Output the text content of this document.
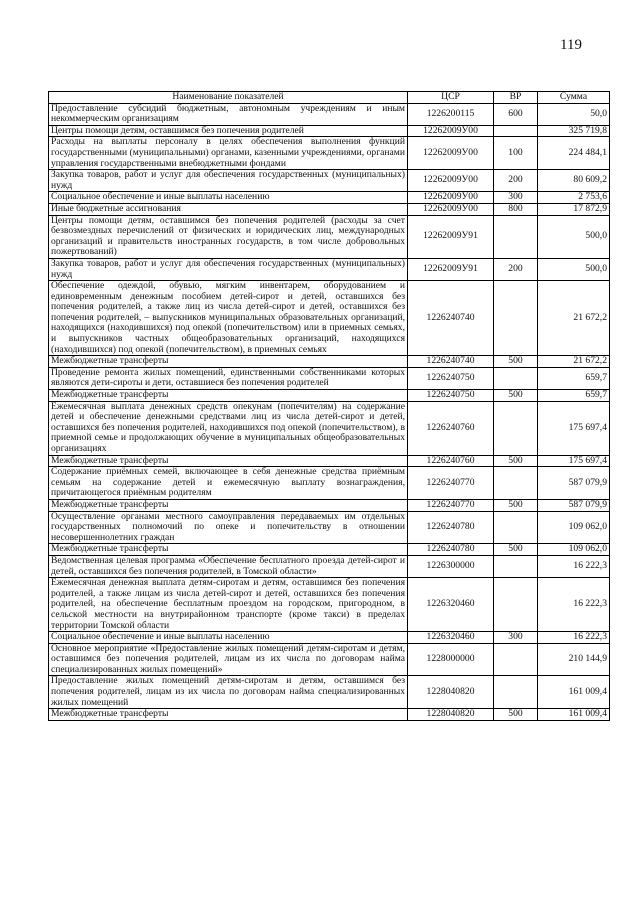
119
Наименование показателей	ЦСР	ВР	Сумма
Предоставление субсидий бюджетным, автономным учреждениям и иным некоммерческим организациям	1226200115	600	50,0
Центры помощи детям, оставшимся без попечения родителей	12262009У00		325 719,8
Расходы на выплаты персоналу в целях обеспечения выполнения функций государственными (муниципальными) органами, казенными учреждениями, органами управления государственными внебюджетными фондами	12262009У00	100	224 484,1
Закупка товаров, работ и услуг для обеспечения государственных (муниципальных) нужд	12262009У00	200	80 609,2
Социальное обеспечение и иные выплаты населению	12262009У00	300	2 753,6
Иные бюджетные ассигнования	12262009У00	800	17 872,9
Центры помощи детям, оставшимся без попечения родителей (расходы за счет безвозмездных перечислений от физических и юридических лиц, международных организаций и правительств иностранных государств, в том числе добровольных пожертвований)	12262009У91		500,0
Закупка товаров, работ и услуг для обеспечения государственных (муниципальных) нужд	12262009У91	200	500,0
Обеспечение одеждой, обувью, мягким инвентарем, оборудованием и единовременным денежным пособием детей-сирот и детей, оставшихся без попечения родителей, а также лиц из числа детей-сирот и детей, оставшихся без попечения родителей, – выпускников муниципальных образовательных организаций, находящихся (находившихся) под опекой (попечительством) или в приемных семьях, и выпускников частных общеобразовательных организаций, находящихся (находившихся) под опекой (попечительством), в приемных семьях	1226240740		21 672,2
Межбюджетные трансферты	1226240740	500	21 672,2
Проведение ремонта жилых помещений, единственными собственниками которых являются дети-сироты и дети, оставшиеся без попечения родителей	1226240750		659,7
Межбюджетные трансферты	1226240750	500	659,7
Ежемесячная выплата денежных средств опекунам (попечителям) на содержание детей и обеспечение денежными средствами лиц из числа детей-сирот и детей, оставшихся без попечения родителей, находившихся под опекой (попечительством), в приемной семье и продолжающих обучение в муниципальных общеобразовательных организациях	1226240760		175 697,4
Межбюджетные трансферты	1226240760	500	175 697,4
Содержание приёмных семей, включающее в себя денежные средства приёмным семьям на содержание детей и ежемесячную выплату вознаграждения, причитающегося приёмным родителям	1226240770		587 079,9
Межбюджетные трансферты	1226240770	500	587 079,9
Осуществление органами местного самоуправления передаваемых им отдельных государственных полномочий по опеке и попечительству в отношении несовершеннолетних граждан	1226240780		109 062,0
Межбюджетные трансферты	1226240780	500	109 062,0
Ведомственная целевая программа «Обеспечение бесплатного проезда детей-сирот и детей, оставшихся без попечения родителей, в Томской области»	1226300000		16 222,3
Ежемесячная денежная выплата детям-сиротам и детям, оставшимся без попечения родителей, а также лицам из числа детей-сирот и детей, оставшихся без попечения родителей, на обеспечение бесплатным проездом на городском, пригородном, в сельской местности на внутрирайонном транспорте (кроме такси) в пределах территории Томской области	1226320460		16 222,3
Социальное обеспечение и иные выплаты населению	1226320460	300	16 222,3
Основное мероприятие «Предоставление жилых помещений детям-сиротам и детям, оставшимся без попечения родителей, лицам из их числа по договорам найма специализированных жилых помещений»	1228000000		210 144,9
Предоставление жилых помещений детям-сиротам и детям, оставшимся без попечения родителей, лицам из их числа по договорам найма специализированных жилых помещений	1228040820		161 009,4
Межбюджетные трансферты	1228040820	500	161 009,4
